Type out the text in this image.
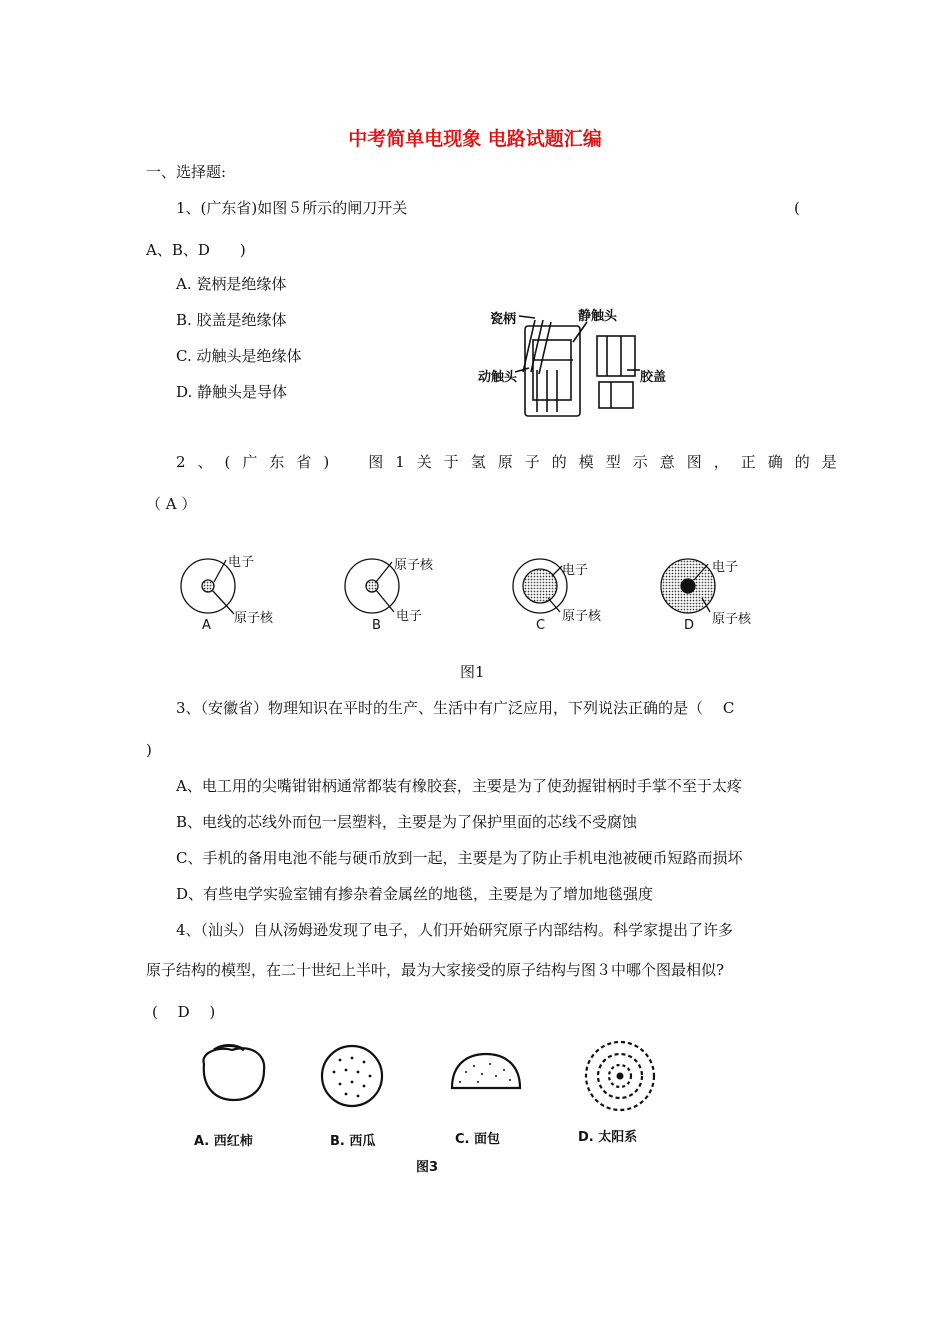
中考简单电现象 电路试题汇编
一、选择题:
1、(广东省)如图５所示的闸刀开关	(
A、B、D　　)
A. 瓷柄是绝缘体
B. 胶盖是绝缘体
C. 动触头是绝缘体
D. 静触头是导体
瓷柄	静触头
动触头	胶盖
2、(广东省)　图1关于氢原子的模型示意图，正确的是
（ A ）
电子
原子核
A
原子核
电子
B
电子
原子核
C
电子
原子核
D
图1
3、（安徽省）物理知识在平时的生产、生活中有广泛应用，下列说法正确的是（　 C
)
A、电工用的尖嘴钳钳柄通常都装有橡胶套，主要是为了使劲握钳柄时手掌不至于太疼
B、电线的芯线外而包一层塑料，主要是为了保护里面的芯线不受腐蚀
C、手机的备用电池不能与硬币放到一起，主要是为了防止手机电池被硬币短路而损坏
D、有些电学实验室铺有掺杂着金属丝的地毯，主要是为了增加地毯强度
4、（汕头）自从汤姆逊发现了电子，人们开始研究原子内部结构。科学家提出了许多
原子结构的模型，在二十世纪上半叶，最为大家接受的原子结构与图３中哪个图最相似?
(　 D　 )
A. 西红柿	B. 西瓜	C. 面包	D. 太阳系
图3
